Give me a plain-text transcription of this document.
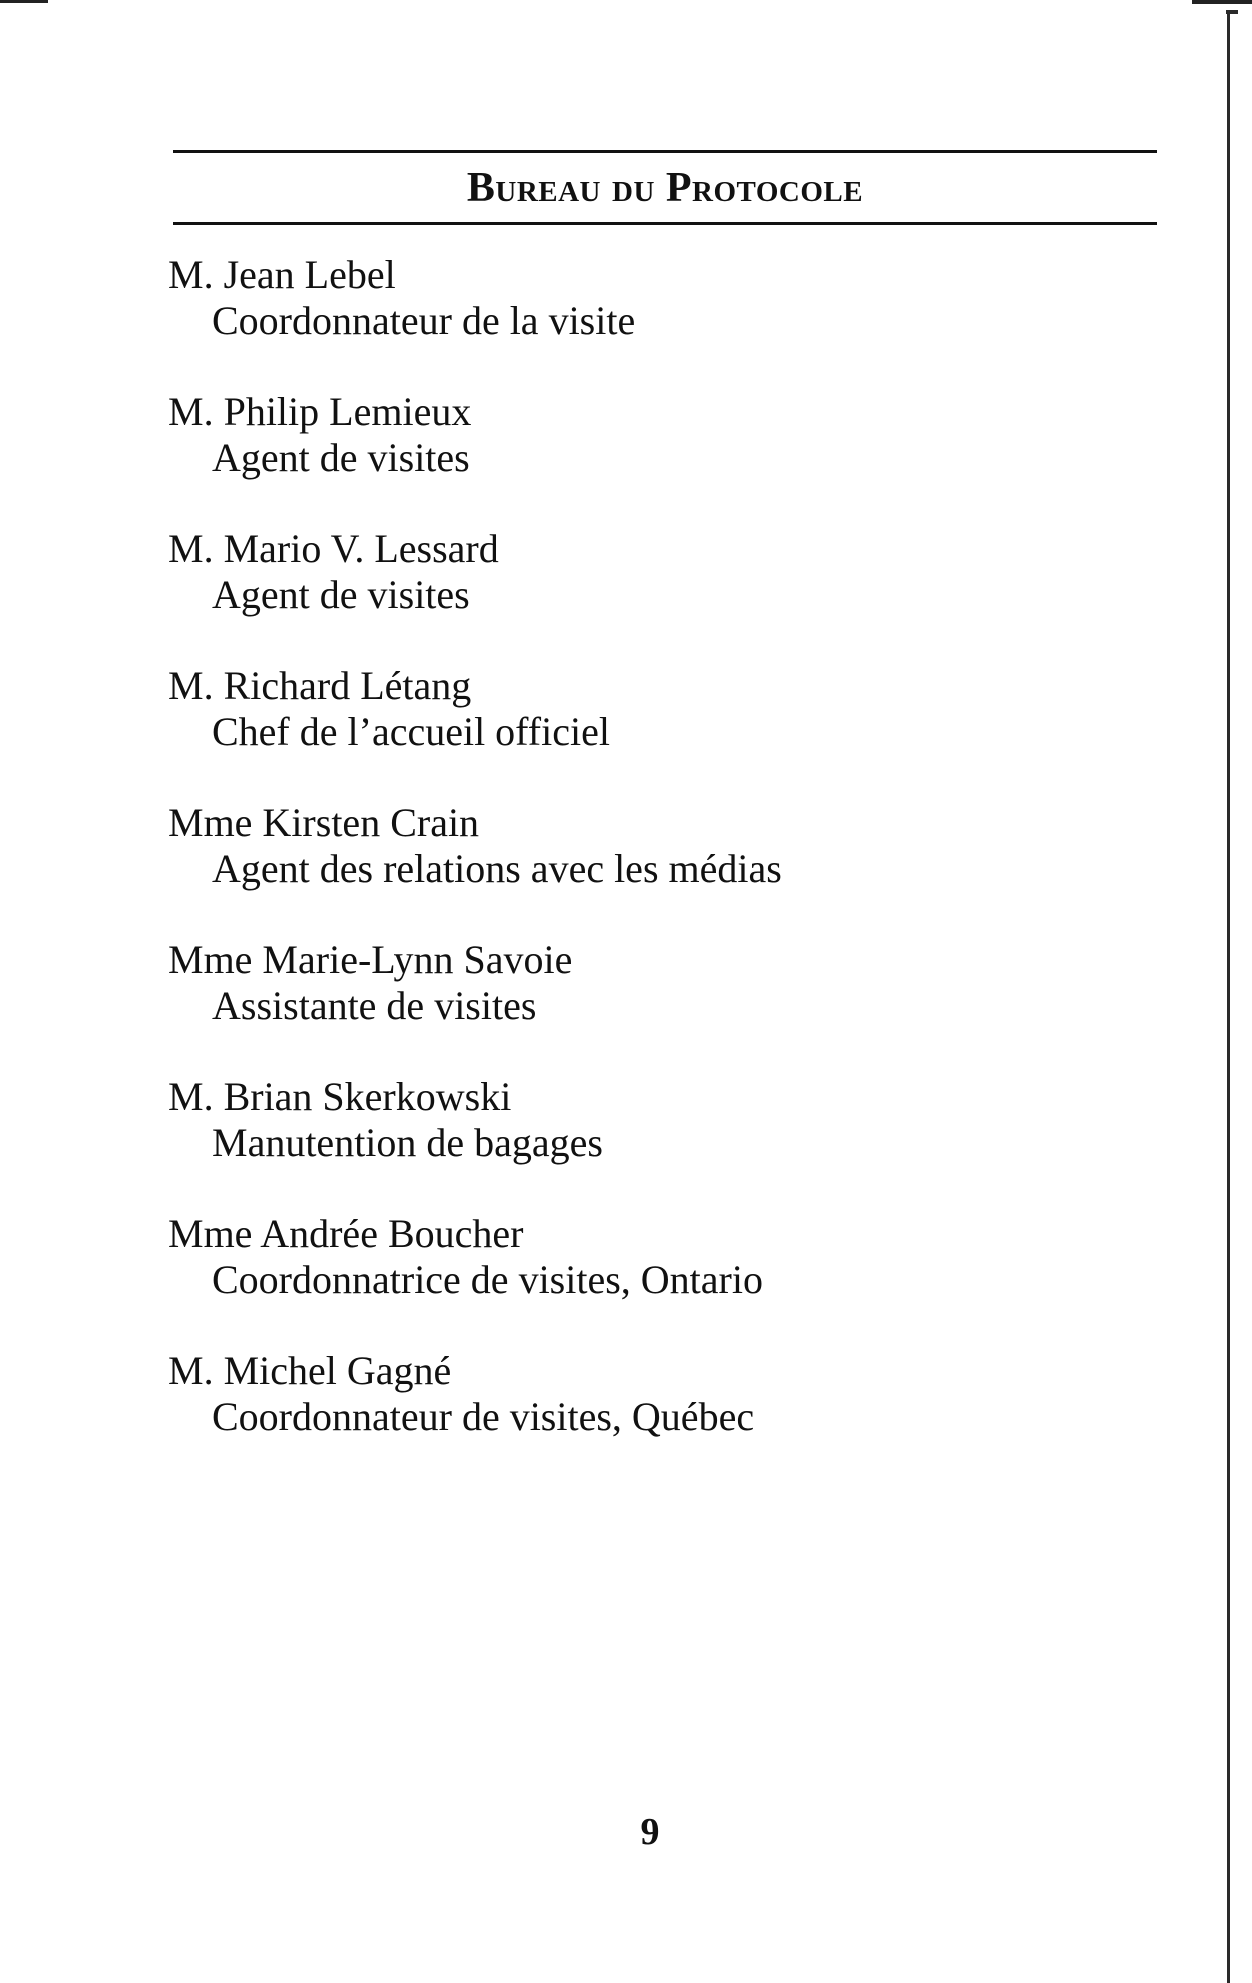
Bureau du Protocole
M. Jean Lebel
Coordonnateur de la visite
M. Philip Lemieux
Agent de visites
M. Mario V. Lessard
Agent de visites
M. Richard Létang
Chef de l’accueil officiel
Mme Kirsten Crain
Agent des relations avec les médias
Mme Marie-Lynn Savoie
Assistante de visites
M. Brian Skerkowski
Manutention de bagages
Mme Andrée Boucher
Coordonnatrice de visites, Ontario
M. Michel Gagné
Coordonnateur de visites, Québec
9
